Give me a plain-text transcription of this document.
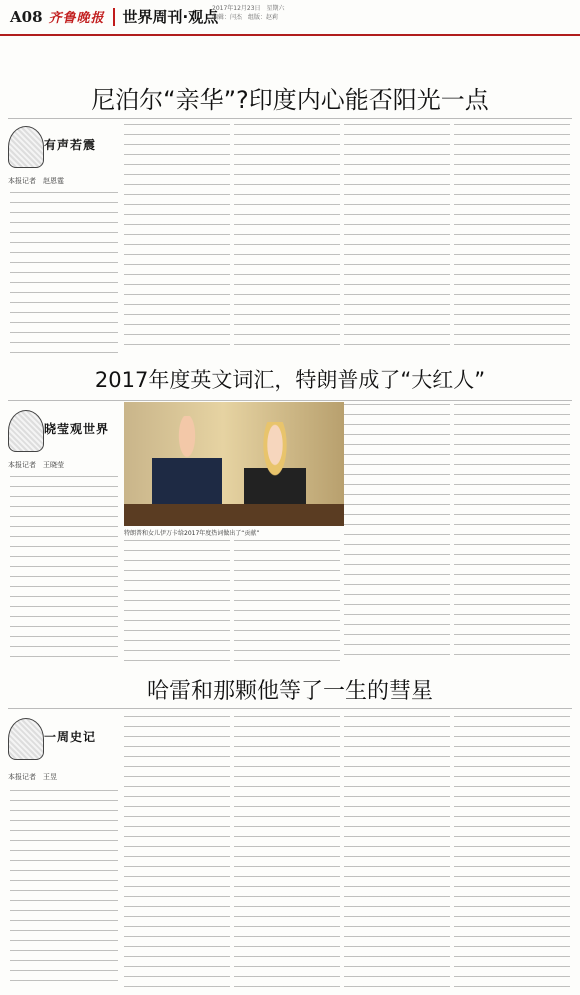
A08 齐鲁晚报 世界周刊·观点
2017年12月23日　星期六
编辑：闫杰　组版：赵莉
尼泊尔“亲华”?印度内心能否阳光一点
有声若震
本报记者　赵恩霆
2017年度英文词汇，特朗普成了“大红人”
晓莹观世界
本报记者　王晓莹
特朗普和女儿伊万卡给2017年度热词做出了“贡献”
哈雷和那颗他等了一生的彗星
一周史记
本报记者　王昱
